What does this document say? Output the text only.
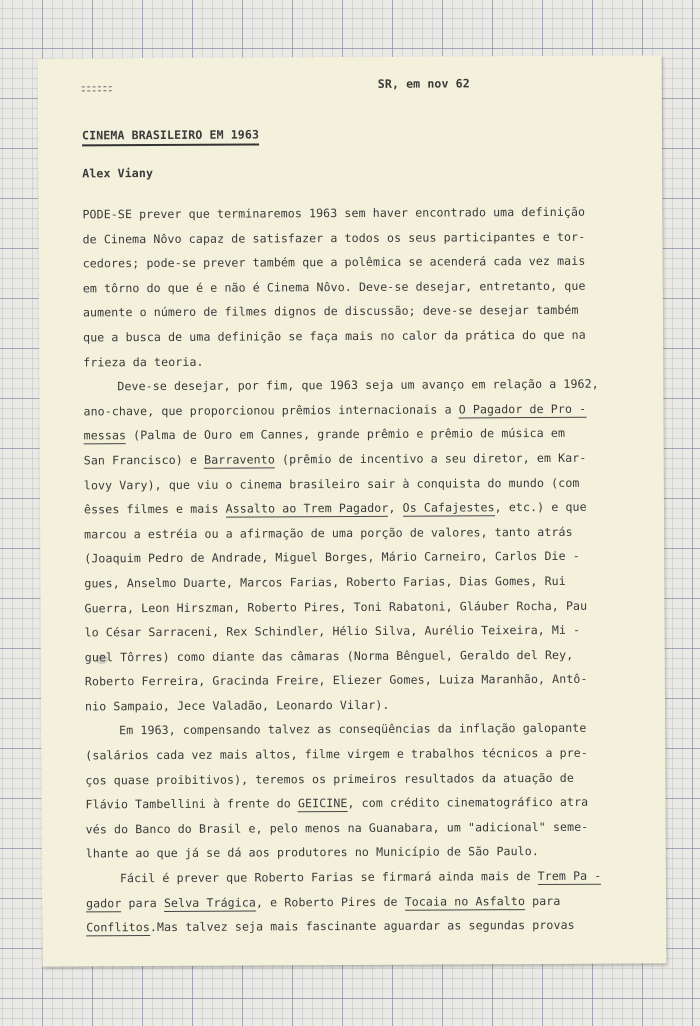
SR, em nov 62
CINEMA BRASILEIRO EM 1963
Alex Viany
PODE-SE prever que terminaremos 1963 sem haver encontrado uma definição
de Cinema Nôvo capaz de satisfazer a todos os seus participantes e tor-
cedores; pode-se prever também que a polêmica se acenderá cada vez mais
em tôrno do que é e não é Cinema Nôvo. Deve-se desejar, entretanto, que
aumente o número de filmes dignos de discussão; deve-se desejar também
que a busca de uma definição se faça mais no calor da prática do que na
frieza da teoria.
Deve-se desejar, por fim, que 1963 seja um avanço em relação a 1962,
ano-chave, que proporcionou prêmios internacionais a O Pagador de Pro -
messas (Palma de Ouro em Cannes, grande prêmio e prêmio de música em
San Francisco) e Barravento (prêmio de incentivo a seu diretor, em Kar-
lovy Vary), que viu o cinema brasileiro sair à conquista do mundo (com
êsses filmes e mais Assalto ao Trem Pagador, Os Cafajestes, etc.) e que
marcou a estréia ou a afirmação de uma porção de valores, tanto atrás
(Joaquim Pedro de Andrade, Miguel Borges, Mário Carneiro, Carlos Die -
gues, Anselmo Duarte, Marcos Farias, Roberto Farias, Dias Gomes, Rui
Guerra, Leon Hirszman, Roberto Pires, Toni Rabatoni, Gláuber Rocha, Pau
lo César Sarraceni, Rex Schindler, Hélio Silva, Aurélio Teixeira, Mi -
guel Tôrres) como diante das câmaras (Norma Bênguel, Geraldo del Rey,
Roberto Ferreira, Gracinda Freire, Eliezer Gomes, Luiza Maranhão, Antô-
nio Sampaio, Jece Valadão, Leonardo Vilar).
Em 1963, compensando talvez as conseqüências da inflação galopante
(salários cada vez mais altos, filme virgem e trabalhos técnicos a pre-
ços quase proibitivos), teremos os primeiros resultados da atuação de
Flávio Tambellini à frente do GEICINE, com crédito cinematográfico atra
vés do Banco do Brasil e, pelo menos na Guanabara, um "adicional" seme-
lhante ao que já se dá aos produtores no Município de São Paulo.
Fácil é prever que Roberto Farias se firmará ainda mais de Trem Pa -
gador para Selva Trágica, e Roberto Pires de Tocaia no Asfalto para
Conflitos.Mas talvez seja mais fascinante aguardar as segundas provas
